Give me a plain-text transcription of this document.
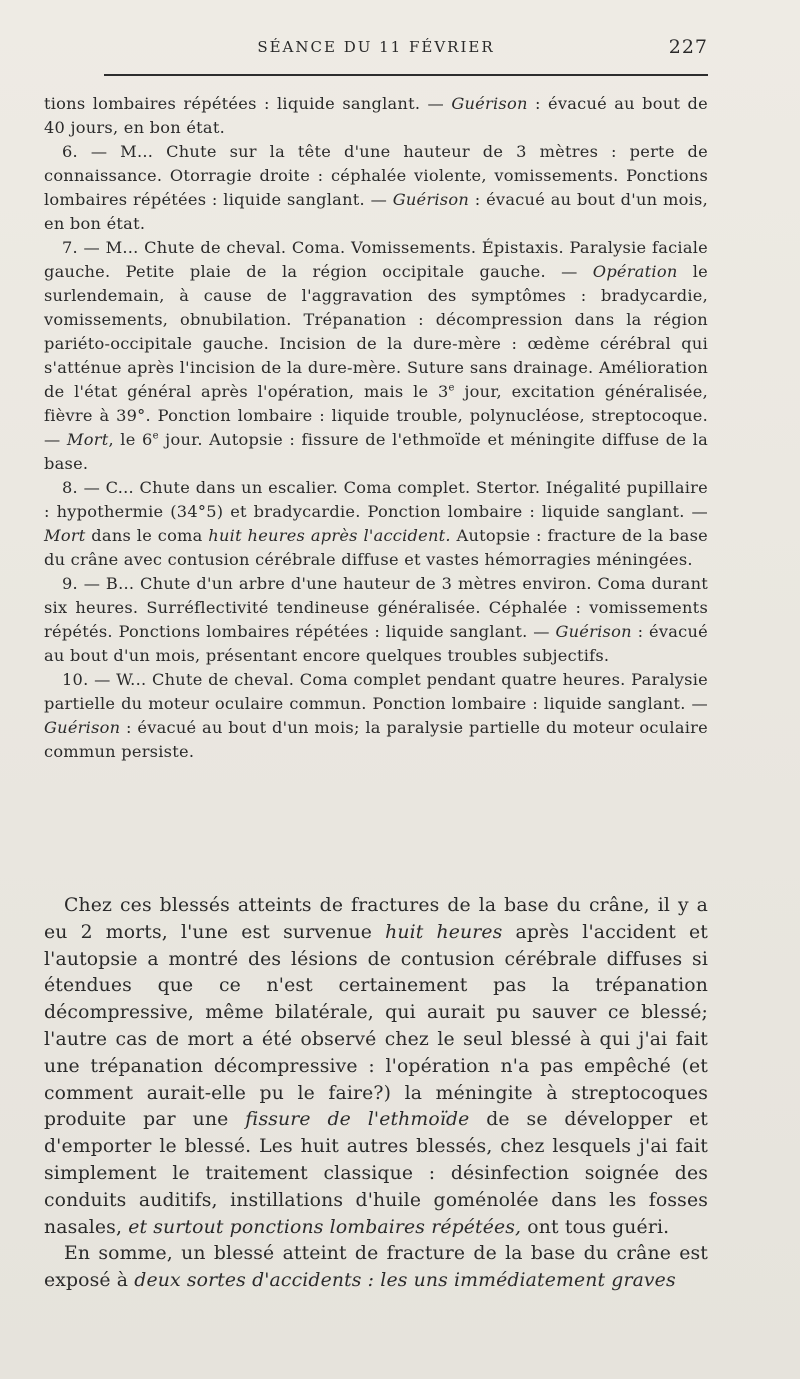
SÉANCE DU 11 FÉVRIER	227

tions lombaires répétées : liquide sanglant. — Guérison : évacué au bout de 40 jours, en bon état.

6. — M... Chute sur la tête d'une hauteur de 3 mètres : perte de connaissance. Otorragie droite : céphalée violente, vomissements. Ponctions lombaires répétées : liquide sanglant. — Guérison : évacué au bout d'un mois, en bon état.

7. — M... Chute de cheval. Coma. Vomissements. Épistaxis. Paralysie faciale gauche. Petite plaie de la région occipitale gauche. — Opération le surlendemain, à cause de l'aggravation des symptômes : bradycardie, vomissements, obnubilation. Trépanation : décompression dans la région pariéto-occipitale gauche. Incision de la dure-mère : œdème cérébral qui s'atténue après l'incision de la dure-mère. Suture sans drainage. Amélioration de l'état général après l'opération, mais le 3e jour, excitation généralisée, fièvre à 39°. Ponction lombaire : liquide trouble, polynucléose, streptocoque. — Mort, le 6e jour. Autopsie : fissure de l'ethmoïde et méningite diffuse de la base.

8. — C... Chute dans un escalier. Coma complet. Stertor. Inégalité pupillaire : hypothermie (34°5) et bradycardie. Ponction lombaire : liquide sanglant. — Mort dans le coma huit heures après l'accident. Autopsie : fracture de la base du crâne avec contusion cérébrale diffuse et vastes hémorragies méningées.

9. — B... Chute d'un arbre d'une hauteur de 3 mètres environ. Coma durant six heures. Surréflectivité tendineuse généralisée. Céphalée : vomissements répétés. Ponctions lombaires répétées : liquide sanglant. — Guérison : évacué au bout d'un mois, présentant encore quelques troubles subjectifs.

10. — W... Chute de cheval. Coma complet pendant quatre heures. Paralysie partielle du moteur oculaire commun. Ponction lombaire : liquide sanglant. — Guérison : évacué au bout d'un mois; la paralysie partielle du moteur oculaire commun persiste.

Chez ces blessés atteints de fractures de la base du crâne, il y a eu 2 morts, l'une est survenue huit heures après l'accident et l'autopsie a montré des lésions de contusion cérébrale diffuses si étendues que ce n'est certainement pas la trépanation décompressive, même bilatérale, qui aurait pu sauver ce blessé; l'autre cas de mort a été observé chez le seul blessé à qui j'ai fait une trépanation décompressive : l'opération n'a pas empêché (et comment aurait-elle pu le faire?) la méningite à streptocoques produite par une fissure de l'ethmoïde de se développer et d'emporter le blessé. Les huit autres blessés, chez lesquels j'ai fait simplement le traitement classique : désinfection soignée des conduits auditifs, instillations d'huile goménolée dans les fosses nasales, et surtout ponctions lombaires répétées, ont tous guéri.

En somme, un blessé atteint de fracture de la base du crâne est exposé à deux sortes d'accidents : les uns immédiatement graves
